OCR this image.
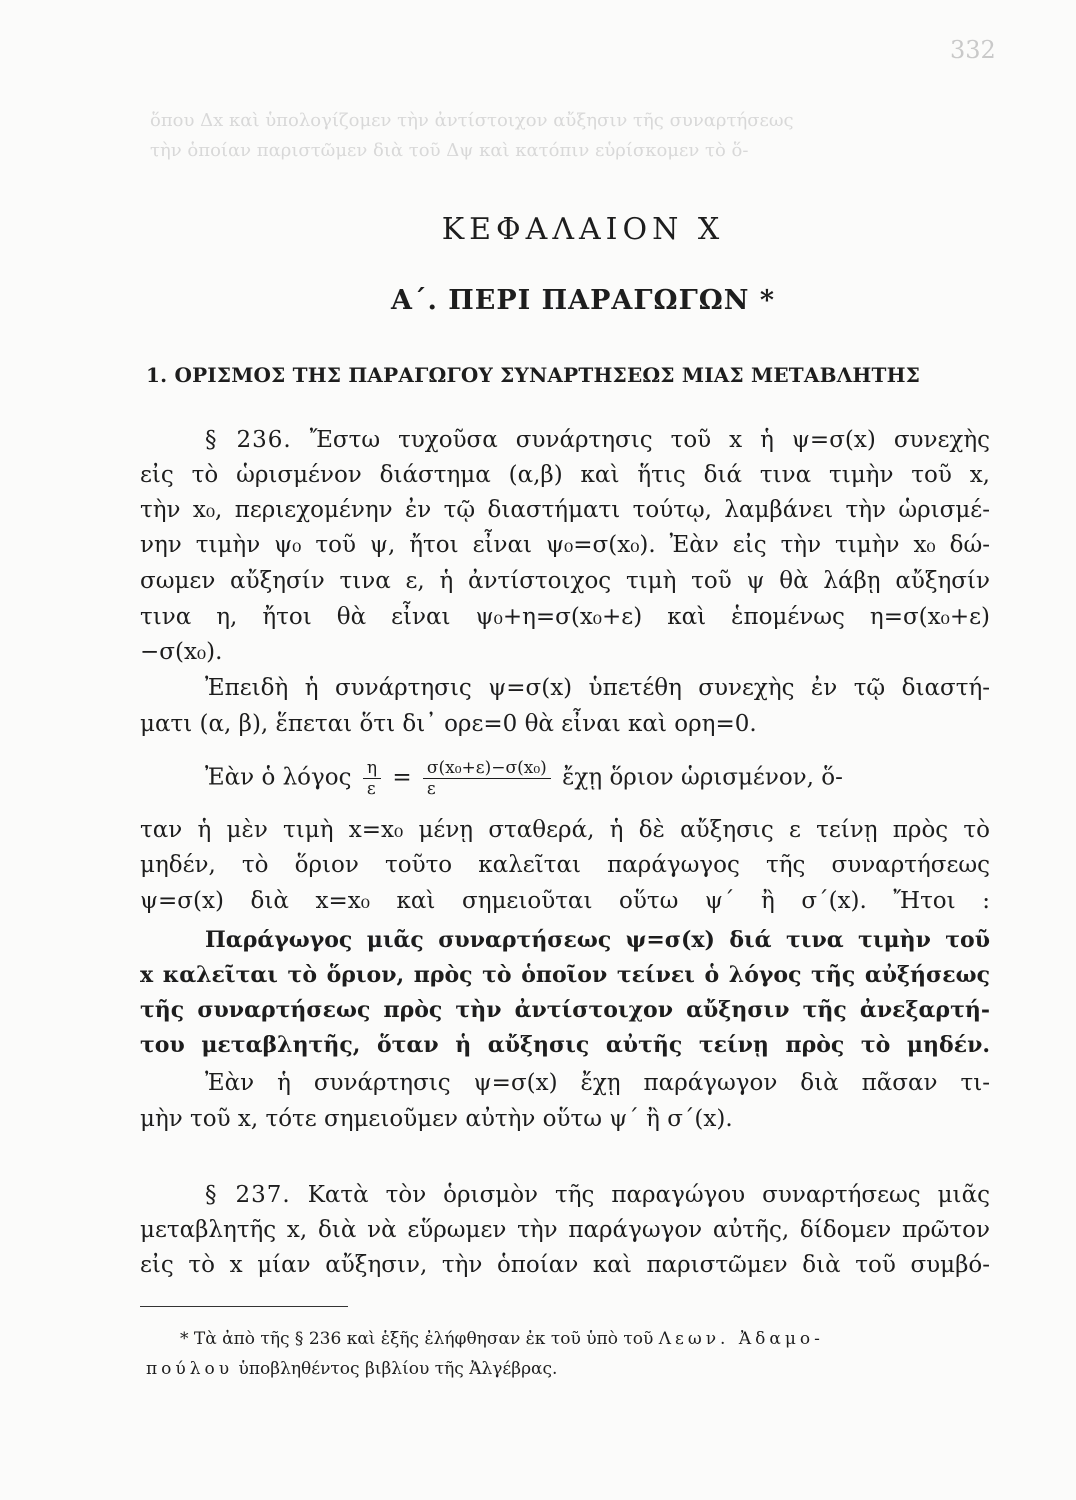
ὅπου Δx καὶ ὑπολογίζομεν τὴν ἀντίστοιχον αὔξησιν τῆς συναρτήσεως
τὴν ὁποίαν παριστῶμεν διὰ τοῦ Δψ καὶ κατόπιν εὑρίσκομεν τὸ ὅ-
332
ΚΕΦΑΛΑΙΟΝ Χ
Α΄. ΠΕΡΙ ΠΑΡΑΓΩΓΩΝ *
1. ΟΡΙΣΜΟΣ ΤΗΣ ΠΑΡΑΓΩΓΟΥ ΣΥΝΑΡΤΗΣΕΩΣ ΜΙΑΣ ΜΕΤΑΒΛΗΤΗΣ
§ 236. Ἔστω τυχοῦσα συνάρτησις τοῦ x ἡ ψ=σ(x) συνεχὴς
εἰς τὸ ὡρισμένον διάστημα (α,β) καὶ ἥτις διά τινα τιμὴν τοῦ x,
τὴν x₀, περιεχομένην ἐν τῷ διαστήματι τούτῳ, λαμβάνει τὴν ὡρισμέ-
νην τιμὴν ψ₀ τοῦ ψ, ἤτοι εἶναι ψ₀=σ(x₀). Ἐὰν εἰς τὴν τιμὴν x₀ δώ-
σωμεν αὔξησίν τινα ε, ἡ ἀντίστοιχος τιμὴ τοῦ ψ θὰ λάβῃ αὔξησίν
τινα η, ἤτοι θὰ εἶναι ψ₀+η=σ(x₀+ε) καὶ ἑπομένως η=σ(x₀+ε)
−σ(x₀).
Ἐπειδὴ ἡ συνάρτησις ψ=σ(x) ὑπετέθη συνεχὴς ἐν τῷ διαστή-
ματι (α, β), ἕπεται ὅτι δι᾿ ορε=0 θὰ εἶναι καὶ ορη=0.
Ἐὰν ὁ λόγος $\frac{\eta}{\varepsilon} = \frac{\text{σ(x₀+ε)−σ(x₀)}}{\varepsilon}$ ἔχῃ ὅριον ὡρισμένον, ὅ-
ταν ἡ μὲν τιμὴ x=x₀ μένῃ σταθερά, ἡ δὲ αὔξησις ε τείνῃ πρὸς τὸ
μηδέν, τὸ ὅριον τοῦτο καλεῖται παράγωγος τῆς συναρτήσεως
ψ=σ(x) διὰ x=x₀ καὶ σημειοῦται οὕτω ψ΄ ἢ σ΄(x). Ἤτοι :
Παράγωγος μιᾶς συναρτήσεως ψ=σ(x) διά τινα τιμὴν τοῦ
x καλεῖται τὸ ὅριον, πρὸς τὸ ὁποῖον τείνει ὁ λόγος τῆς αὐξήσεως
τῆς συναρτήσεως πρὸς τὴν ἀντίστοιχον αὔξησιν τῆς ἀνεξαρτή-
του μεταβλητῆς, ὅταν ἡ αὔξησις αὐτῆς τείνῃ πρὸς τὸ μηδέν.
Ἐὰν ἡ συνάρτησις ψ=σ(x) ἔχῃ παράγωγον διὰ πᾶσαν τι-
μὴν τοῦ x, τότε σημειοῦμεν αὐτὴν οὕτω ψ΄ ἢ σ΄(x).
§ 237. Κατὰ τὸν ὁρισμὸν τῆς παραγώγου συναρτήσεως μιᾶς
μεταβλητῆς x, διὰ νὰ εὕρωμεν τὴν παράγωγον αὐτῆς, δίδομεν πρῶτον
εἰς τὸ x μίαν αὔξησιν, τὴν ὁποίαν καὶ παριστῶμεν διὰ τοῦ συμβό-
* Τὰ ἀπὸ τῆς § 236 καὶ ἑξῆς ἐλήφθησαν ἐκ τοῦ ὑπὸ τοῦ Λεων. Ἀδαμο-
πούλου ὑποβληθέντος βιβλίου τῆς Ἀλγέβρας.
